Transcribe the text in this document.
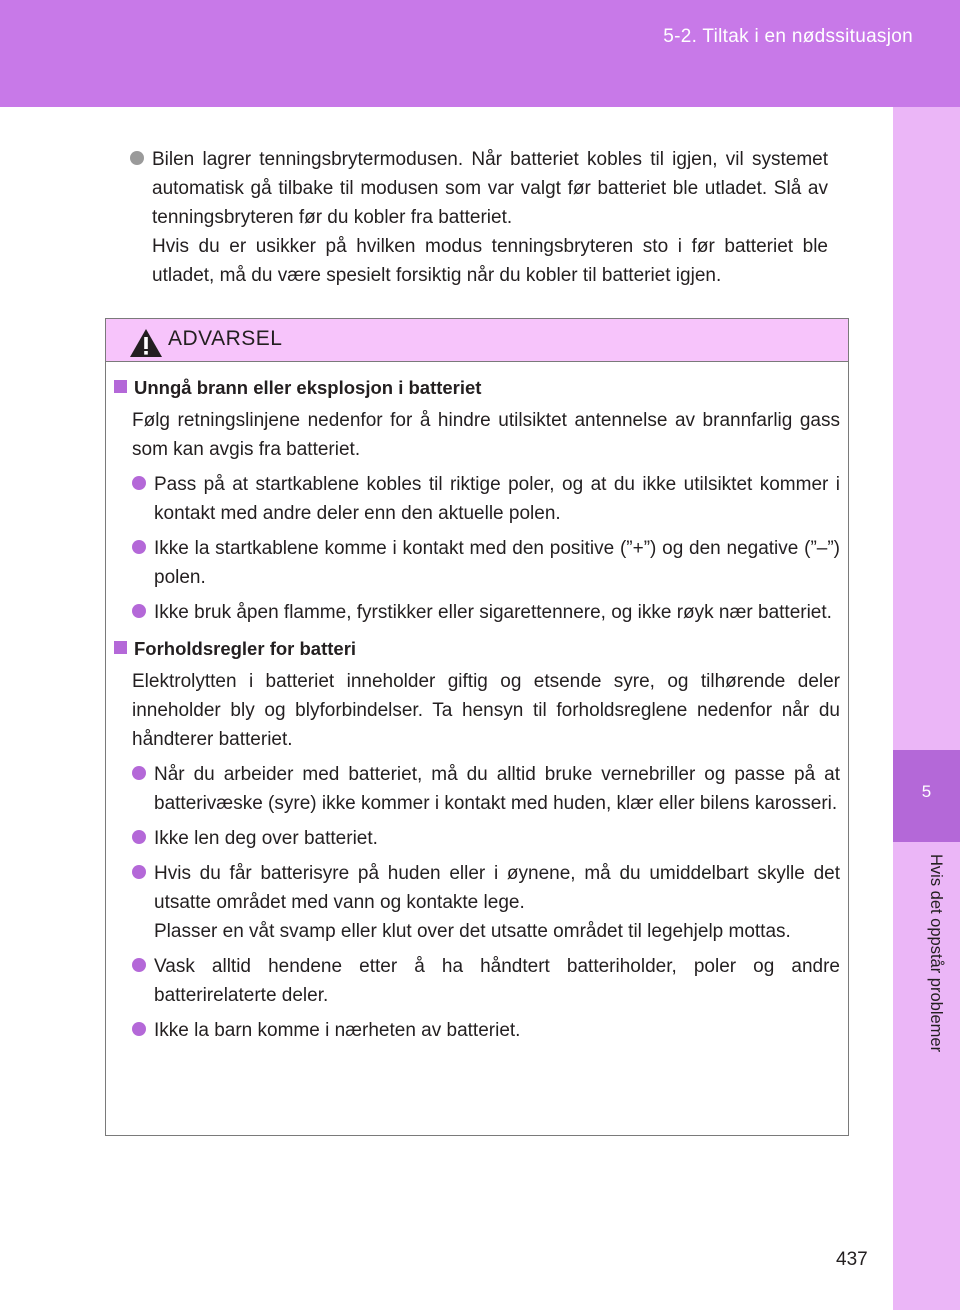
5-2. Tiltak i en nødssituasjon
5
Hvis det oppstår problemer

Bilen lagrer tenningsbrytermodusen. Når batteriet kobles til igjen, vil systemet automatisk gå tilbake til modusen som var valgt før batteriet ble utladet. Slå av tenningsbryteren før du kobler fra batteriet.

Hvis du er usikker på hvilken modus tenningsbryteren sto i før batteriet ble utladet, må du være spesielt forsiktig når du kobler til batteriet igjen.

ADVARSEL
Unngå brann eller eksplosjon i batteriet

Følg retningslinjene nedenfor for å hindre utilsiktet antennelse av brannfarlig gass som kan avgis fra batteriet.

Pass på at startkablene kobles til riktige poler, og at du ikke utilsiktet kommer i kontakt med andre deler enn den aktuelle polen.

Ikke la startkablene komme i kontakt med den positive (”+”) og den negative (”–”) polen.

Ikke bruk åpen flamme, fyrstikker eller sigarettennere, og ikke røyk nær batteriet.

Forholdsregler for batteri

Elektrolytten i batteriet inneholder giftig og etsende syre, og tilhørende deler inneholder bly og blyforbindelser. Ta hensyn til forholdsreglene nedenfor når du håndterer batteriet.

Når du arbeider med batteriet, må du alltid bruke vernebriller og passe på at batterivæske (syre) ikke kommer i kontakt med huden, klær eller bilens karosseri.

Ikke len deg over batteriet.

Hvis du får batterisyre på huden eller i øynene, må du umiddelbart skylle det utsatte området med vann og kontakte lege.

Plasser en våt svamp eller klut over det utsatte området til legehjelp mottas.

Vask alltid hendene etter å ha håndtert batteriholder, poler og andre batterirelaterte deler.

Ikke la barn komme i nærheten av batteriet.

437
